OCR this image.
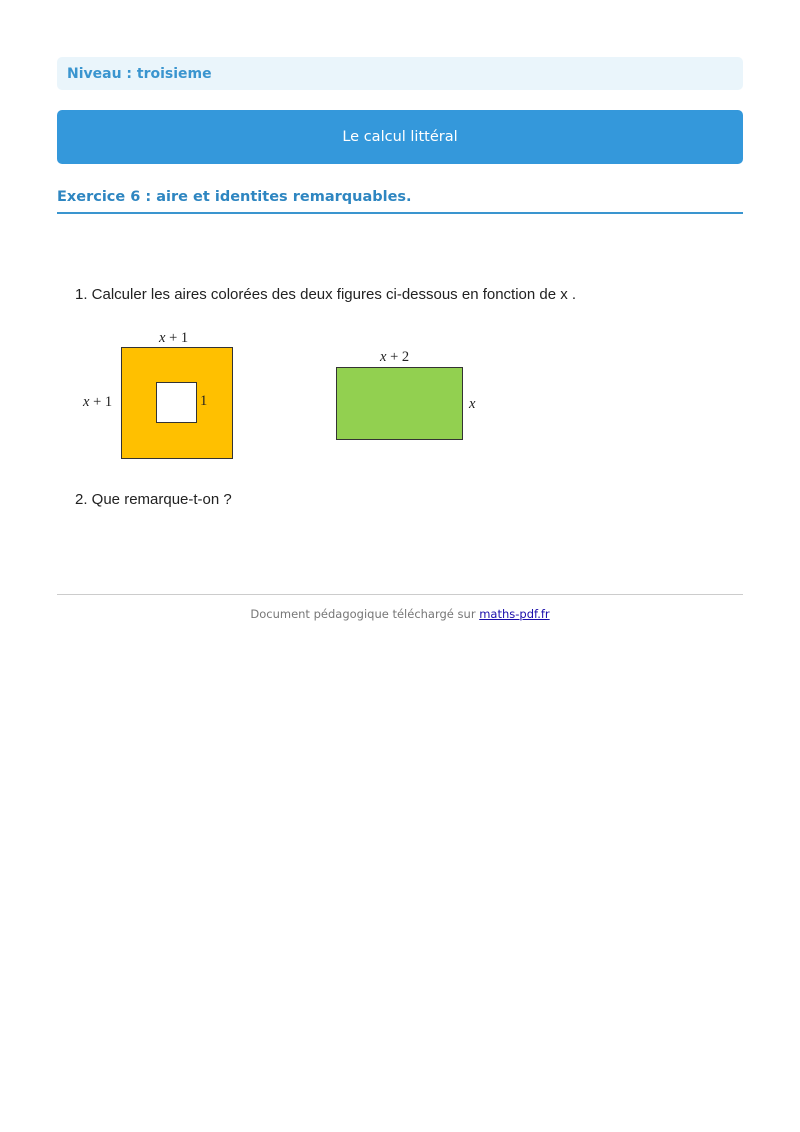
Niveau : troisieme
Le calcul littéral
Exercice 6 : aire et identites remarquables.
1. Calculer les aires colorées des deux figures ci-dessous en fonction de x .
x + 1
x + 1	1
x + 2
x
2. Que remarque-t-on ?
Document pédagogique téléchargé sur maths-pdf.fr
